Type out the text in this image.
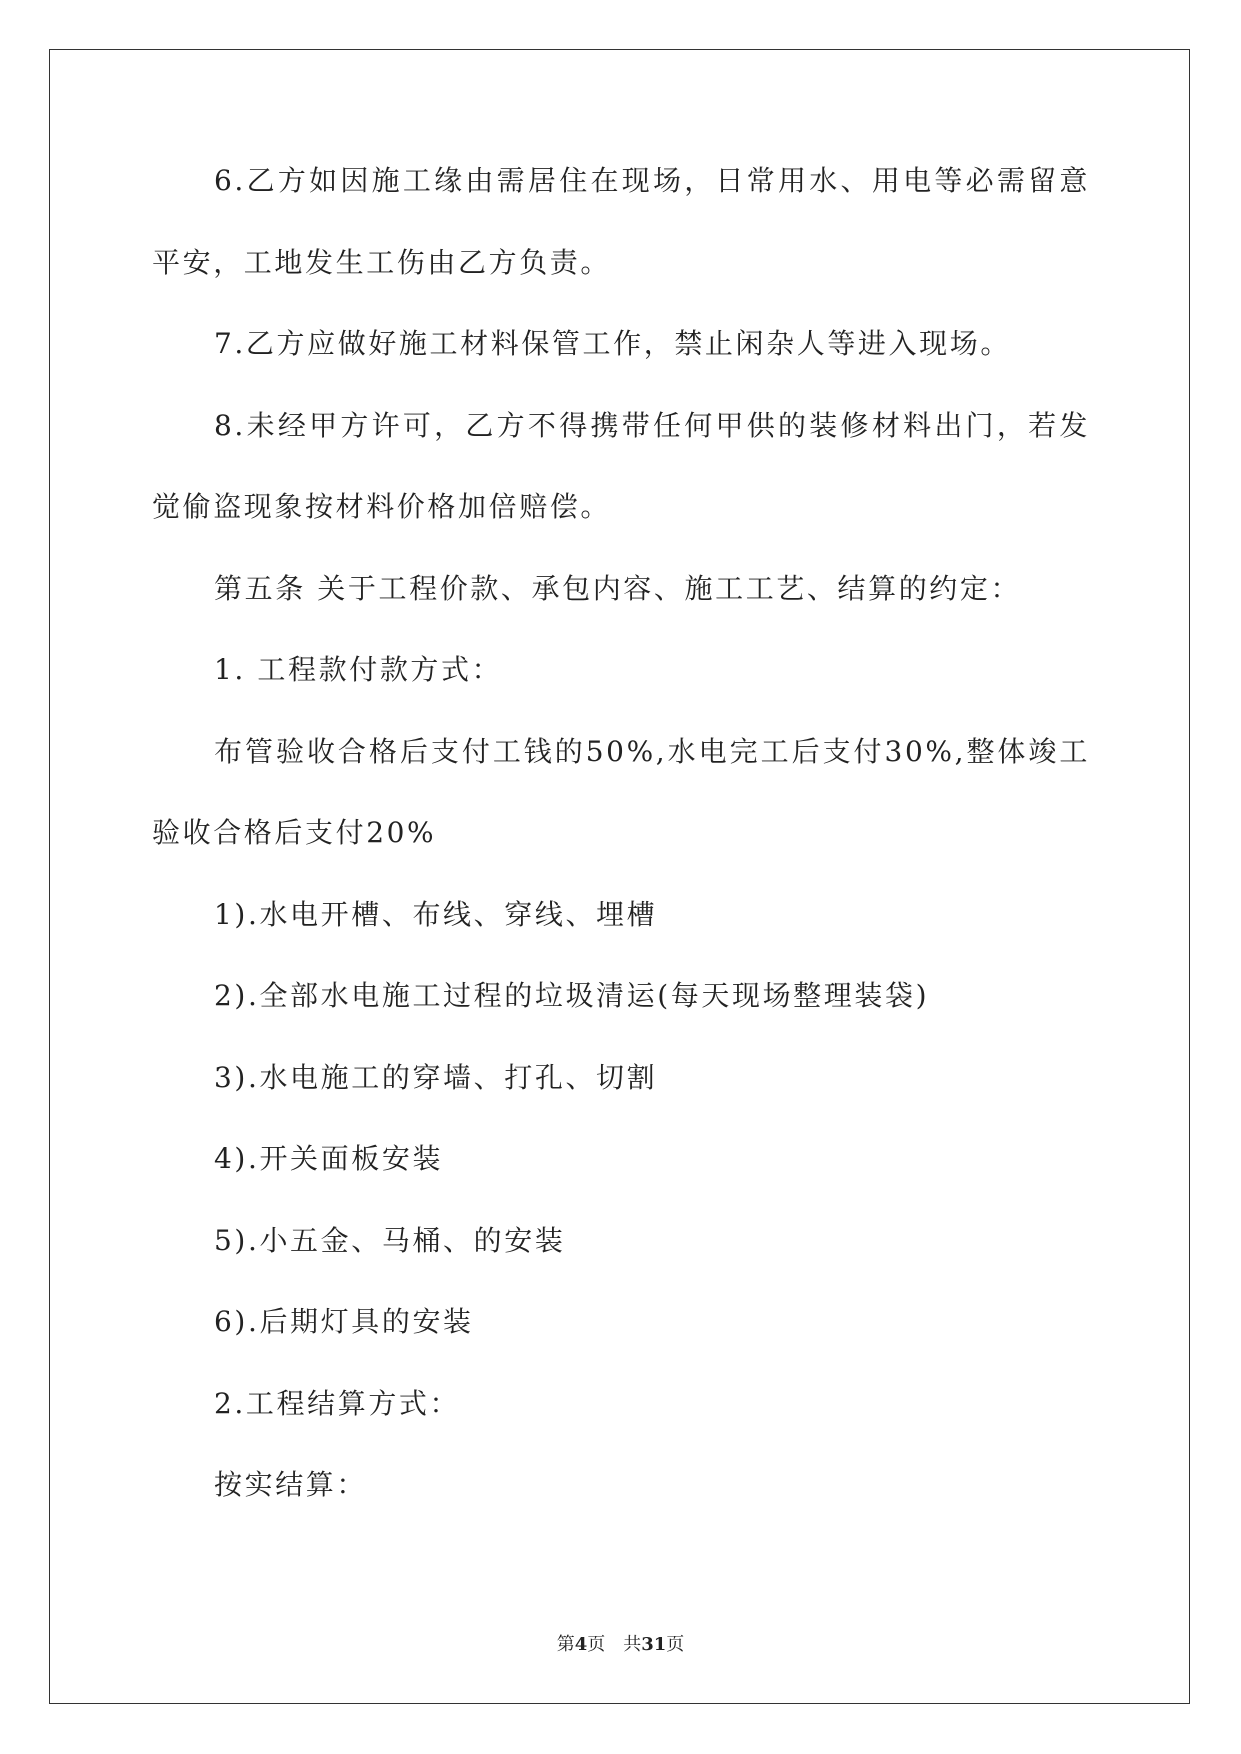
6.乙方如因施工缘由需居住在现场，日常用水、用电等必需留意平安，工地发生工伤由乙方负责。

7.乙方应做好施工材料保管工作，禁止闲杂人等进入现场。

8.未经甲方许可，乙方不得携带任何甲供的装修材料出门，若发觉偷盗现象按材料价格加倍赔偿。

第五条 关于工程价款、承包内容、施工工艺、结算的约定：

1. 工程款付款方式：

布管验收合格后支付工钱的50%,水电完工后支付30%,整体竣工验收合格后支付20%

1).水电开槽、布线、穿线、埋槽

2).全部水电施工过程的垃圾清运(每天现场整理装袋)

3).水电施工的穿墙、打孔、切割

4).开关面板安装

5).小五金、马桶、的安装

6).后期灯具的安装

2.工程结算方式：

按实结算：

第4页 共31页
